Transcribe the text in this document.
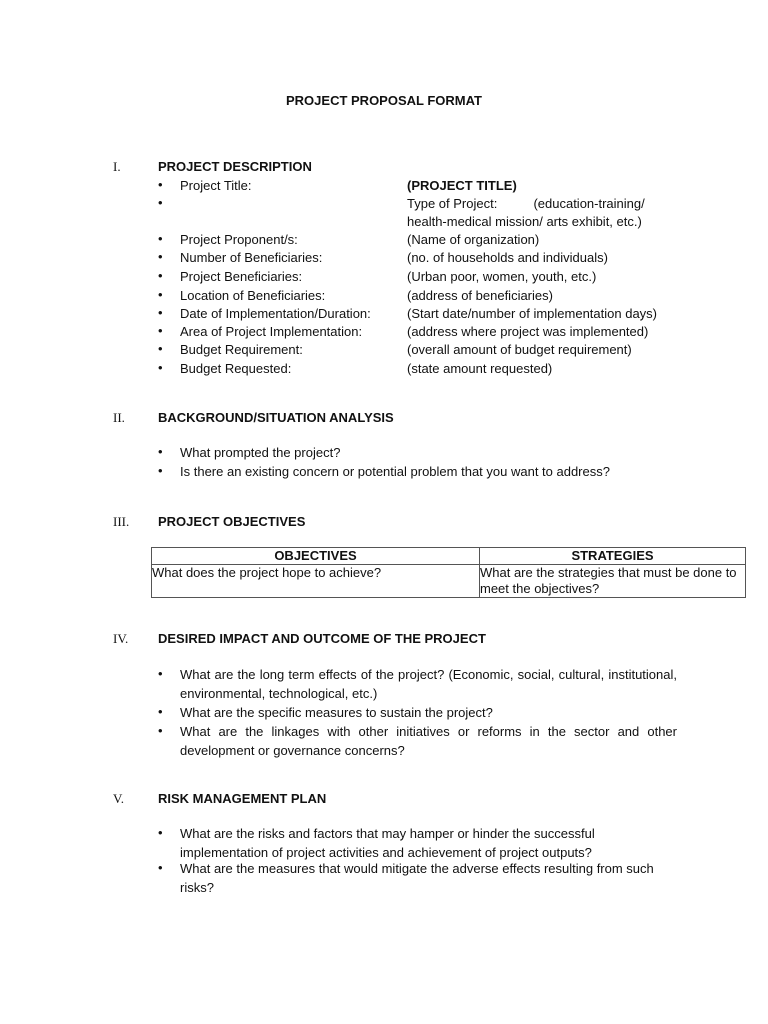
PROJECT PROPOSAL FORMAT
I.	PROJECT DESCRIPTION
• Project Title:	(PROJECT TITLE)
•	Type of Project:          (education-training/
health-medical mission/ arts exhibit, etc.)
• Project Proponent/s:	(Name of organization)
• Number of Beneficiaries:	(no. of households and individuals)
• Project Beneficiaries:	(Urban poor, women, youth, etc.)
• Location of Beneficiaries:	(address of beneficiaries)
• Date of Implementation/Duration:	(Start date/number of implementation days)
• Area of Project Implementation:	(address where project was implemented)
• Budget Requirement:	(overall amount of budget requirement)
• Budget Requested:	(state amount requested)
II.	BACKGROUND/SITUATION ANALYSIS
• What prompted the project?
• Is there an existing concern or potential problem that you want to address?
III. PROJECT OBJECTIVES
OBJECTIVES	STRATEGIES
What does the project hope to achieve?	What are the strategies that must be done to meet the objectives?
IV. DESIRED IMPACT AND OUTCOME OF THE PROJECT
• What are the long term effects of the project? (Economic, social, cultural, institutional, environmental, technological, etc.)
• What are the specific measures to sustain the project?
• What are the linkages with other initiatives or reforms in the sector and other development or governance concerns?
V.	RISK MANAGEMENT PLAN
• What are the risks and factors that may hamper or hinder the successful implementation of project activities and achievement of project outputs?
• What are the measures that would mitigate the adverse effects resulting from such risks?
